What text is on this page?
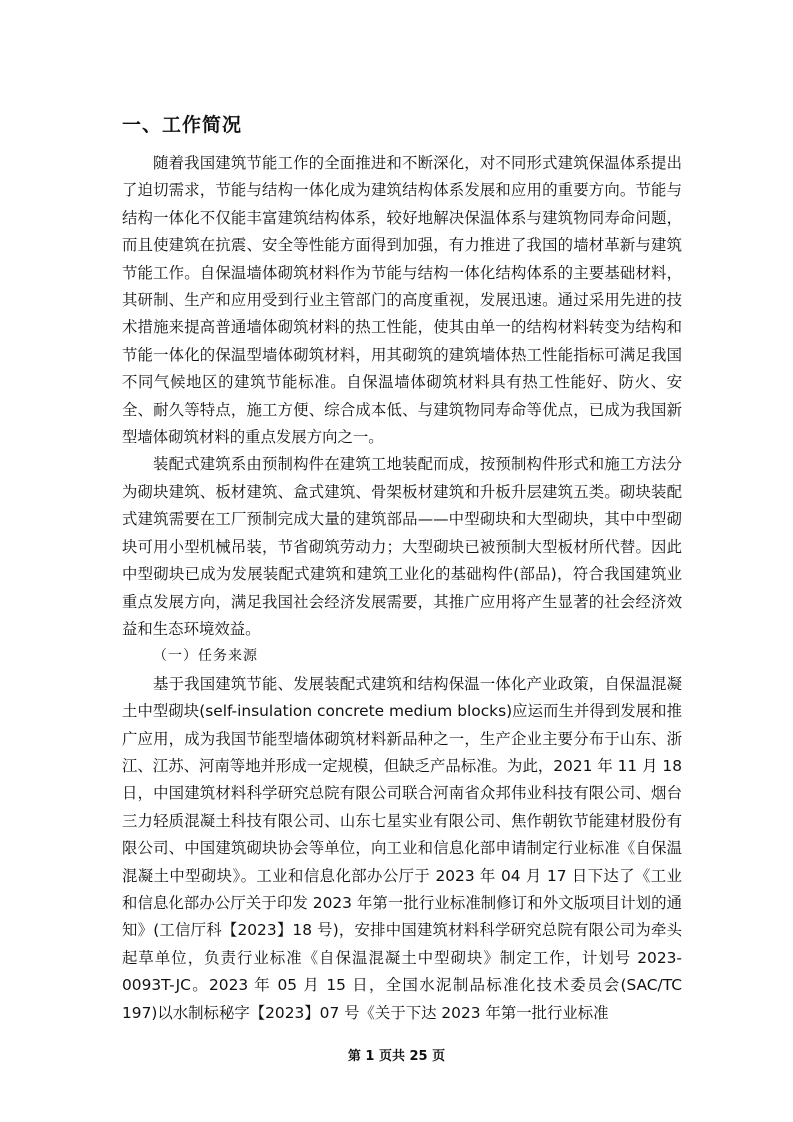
一、工作简况

随着我国建筑节能工作的全面推进和不断深化，对不同形式建筑保温体系提出了迫切需求，节能与结构一体化成为建筑结构体系发展和应用的重要方向。节能与结构一体化不仅能丰富建筑结构体系，较好地解决保温体系与建筑物同寿命问题，而且使建筑在抗震、安全等性能方面得到加强，有力推进了我国的墙材革新与建筑节能工作。自保温墙体砌筑材料作为节能与结构一体化结构体系的主要基础材料，其研制、生产和应用受到行业主管部门的高度重视，发展迅速。通过采用先进的技术措施来提高普通墙体砌筑材料的热工性能，使其由单一的结构材料转变为结构和节能一体化的保温型墙体砌筑材料，用其砌筑的建筑墙体热工性能指标可满足我国不同气候地区的建筑节能标准。自保温墙体砌筑材料具有热工性能好、防火、安全、耐久等特点，施工方便、综合成本低、与建筑物同寿命等优点，已成为我国新型墙体砌筑材料的重点发展方向之一。

装配式建筑系由预制构件在建筑工地装配而成，按预制构件形式和施工方法分为砌块建筑、板材建筑、盒式建筑、骨架板材建筑和升板升层建筑五类。砌块装配式建筑需要在工厂预制完成大量的建筑部品——中型砌块和大型砌块，其中中型砌块可用小型机械吊装，节省砌筑劳动力；大型砌块已被预制大型板材所代替。因此中型砌块已成为发展装配式建筑和建筑工业化的基础构件(部品)，符合我国建筑业重点发展方向，满足我国社会经济发展需要，其推广应用将产生显著的社会经济效益和生态环境效益。

（一）任务来源

基于我国建筑节能、发展装配式建筑和结构保温一体化产业政策，自保温混凝土中型砌块(self-insulation concrete medium blocks)应运而生并得到发展和推广应用，成为我国节能型墙体砌筑材料新品种之一，生产企业主要分布于山东、浙江、江苏、河南等地并形成一定规模，但缺乏产品标准。为此，2021 年 11 月 18 日，中国建筑材料科学研究总院有限公司联合河南省众邦伟业科技有限公司、烟台三力轻质混凝土科技有限公司、山东七星实业有限公司、焦作朝钦节能建材股份有限公司、中国建筑砌块协会等单位，向工业和信息化部申请制定行业标准《自保温混凝土中型砌块》。工业和信息化部办公厅于 2023 年 04 月 17 日下达了《工业和信息化部办公厅关于印发 2023 年第一批行业标准制修订和外文版项目计划的通知》(工信厅科【2023】18 号)，安排中国建筑材料科学研究总院有限公司为牵头起草单位，负责行业标准《自保温混凝土中型砌块》制定工作，计划号 2023-0093T-JC。2023 年 05 月 15 日，全国水泥制品标准化技术委员会(SAC/TC 197)以水制标秘字【2023】07 号《关于下达 2023 年第一批行业标准

第 1 页共 25 页
